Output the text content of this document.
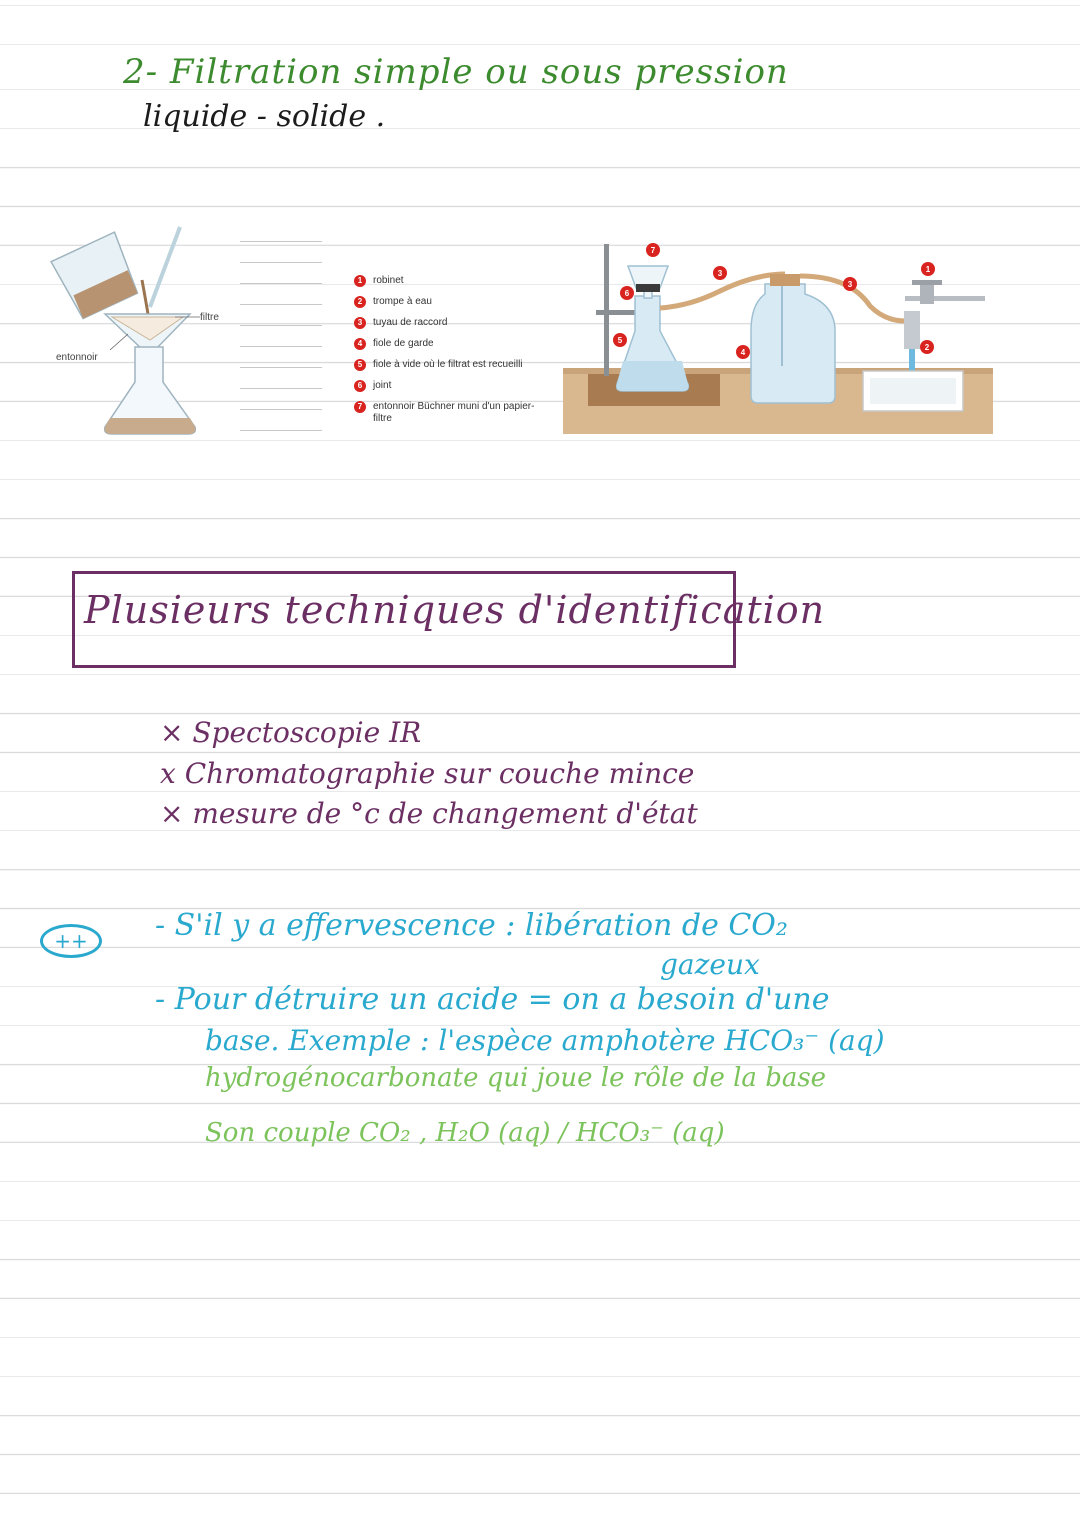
2- Filtration simple ou sous pression
liquide - solide .
filtre
entonnoir
1	robinet
2	trompe à eau
3	tuyau de raccord
4	fiole de garde
5	fiole à vide où le filtrat est recueilli
6	joint
7	entonnoir Büchner muni d'un papier-filtre
7
6
5
3
3
4
1
2
Plusieurs techniques d'identification
× Spectoscopie IR
x Chromatographie sur couche mince
× mesure de °c de changement d'état
++	- S'il y a effervescence : libération de CO₂
gazeux
- Pour détruire un acide = on a besoin d'une
base. Exemple : l'espèce amphotère HCO₃⁻ (aq)
hydrogénocarbonate qui joue le rôle de la base
Son couple CO₂ , H₂O (aq) / HCO₃⁻ (aq)
